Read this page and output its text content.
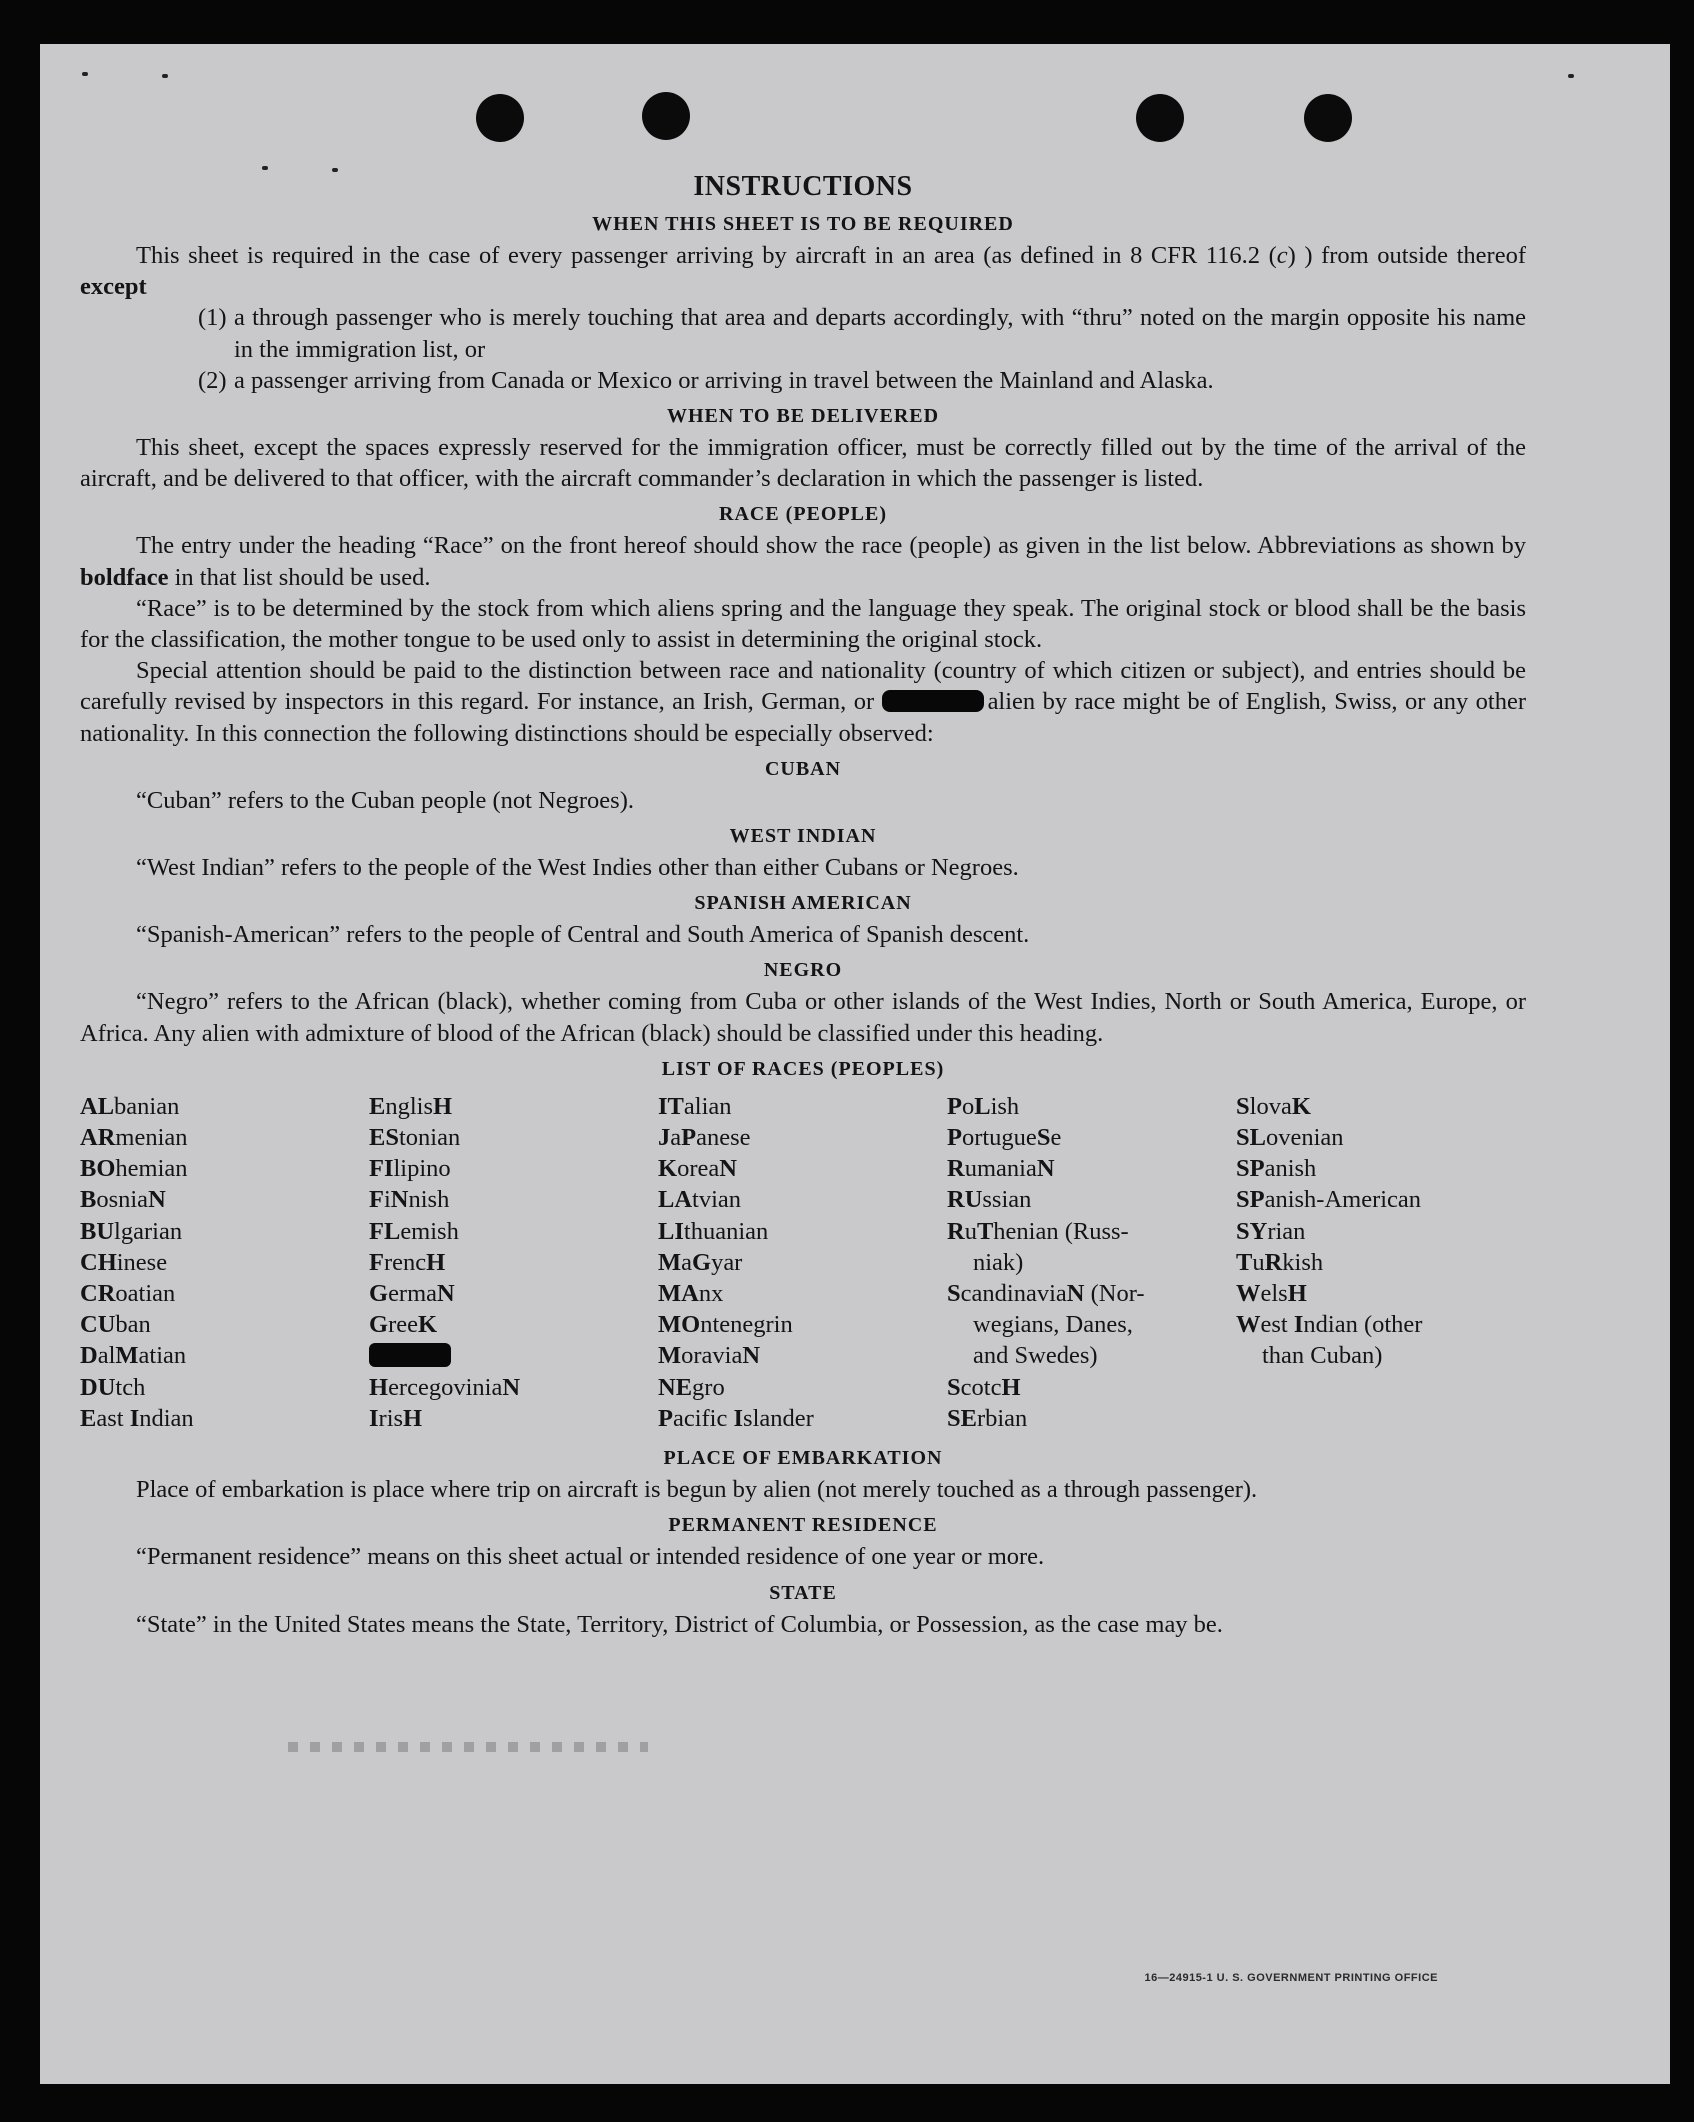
INSTRUCTIONS
WHEN THIS SHEET IS TO BE REQUIRED

This sheet is required in the case of every passenger arriving by aircraft in an area (as defined in 8 CFR 116.2 (c) ) from outside thereof except

(1) a through passenger who is merely touching that area and departs accordingly, with “thru” noted on the margin opposite his name in the immigration list, or
(2) a passenger arriving from Canada or Mexico or arriving in travel between the Mainland and Alaska.
WHEN TO BE DELIVERED

This sheet, except the spaces expressly reserved for the immigration officer, must be correctly filled out by the time of the arrival of the aircraft, and be delivered to that officer, with the aircraft commander’s declaration in which the passenger is listed.

RACE (PEOPLE)

The entry under the heading “Race” on the front hereof should show the race (people) as given in the list below. Abbreviations as shown by boldface in that list should be used.

“Race” is to be determined by the stock from which aliens spring and the language they speak. The original stock or blood shall be the basis for the classification, the mother tongue to be used only to assist in determining the original stock.

Special attention should be paid to the distinction between race and nationality (country of which citizen or subject), and entries should be carefully revised by inspectors in this regard. For instance, an Irish, German, or	alien by race might be of English, Swiss, or any other nationality. In this connection the following distinctions should be especially observed:

CUBAN

“Cuban” refers to the Cuban people (not Negroes).

WEST INDIAN

“West Indian” refers to the people of the West Indies other than either Cubans or Negroes.

SPANISH AMERICAN

“Spanish-American” refers to the people of Central and South America of Spanish descent.

NEGRO

“Negro” refers to the African (black), whether coming from Cuba or other islands of the West Indies, North or South America, Europe, or Africa. Any alien with admixture of blood of the African (black) should be classified under this heading.

LIST OF RACES (PEOPLES)
ALbanian
ARmenian
BOhemian
BosniaN
BUlgarian
CHinese
CRoatian
CUban
DalMatian
DUtch
East Indian
EnglisH
EStonian
FIlipino
FiNnish
FLemish
FrencH
GermaN
GreeK
HercegoviniaN
IrisH
ITalian
JaPanese
KoreaN
LAtvian
LIthuanian
MaGyar
MAnx
MOntenegrin
MoraviaN
NEgro
Pacific Islander
PoLish
PortugueSe
RumaniaN
RUssian
RuThenian (Russ-
niak)
ScandinaviaN (Nor-
wegians, Danes,
and Swedes)
ScotcH
SErbian
SlovaK
SLovenian
SPanish
SPanish-American
SYrian
TuRkish
WelsH
West Indian (other
than Cuban)
PLACE OF EMBARKATION

Place of embarkation is place where trip on aircraft is begun by alien (not merely touched as a through passenger).

PERMANENT RESIDENCE

“Permanent residence” means on this sheet actual or intended residence of one year or more.

STATE

“State” in the United States means the State, Territory, District of Columbia, or Possession, as the case may be.

16—24915-1 U. S. GOVERNMENT PRINTING OFFICE
